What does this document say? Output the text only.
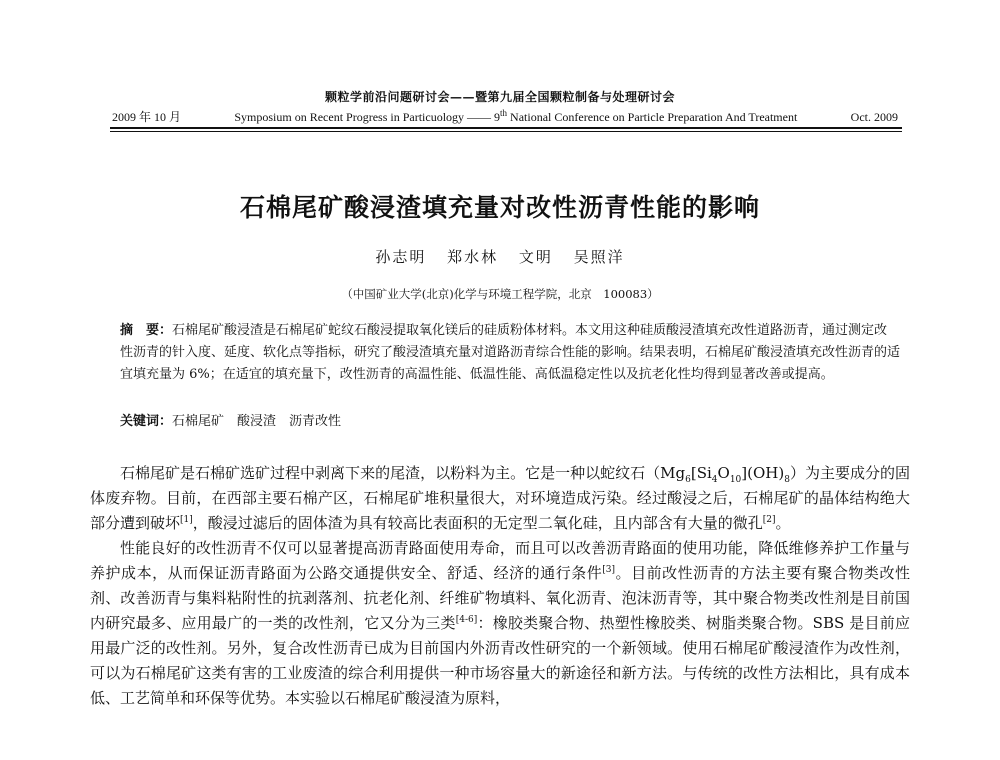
颗粒学前沿问题研讨会——暨第九届全国颗粒制备与处理研讨会
2009 年 10 月	Symposium on Recent Progress in Particuology —— 9th National Conference on Particle Preparation And Treatment	Oct. 2009
石棉尾矿酸浸渣填充量对改性沥青性能的影响
孙志明 郑水林 文明 吴照洋
（中国矿业大学(北京)化学与环境工程学院，北京　100083）
摘　要：石棉尾矿酸浸渣是石棉尾矿蛇纹石酸浸提取氧化镁后的硅质粉体材料。本文用这种硅质酸浸渣填充改性道路沥青，通过测定改性沥青的针入度、延度、软化点等指标，研究了酸浸渣填充量对道路沥青综合性能的影响。结果表明，石棉尾矿酸浸渣填充改性沥青的适宜填充量为 6%；在适宜的填充量下，改性沥青的高温性能、低温性能、高低温稳定性以及抗老化性均得到显著改善或提高。
关键词：石棉尾矿　酸浸渣　沥青改性

石棉尾矿是石棉矿选矿过程中剥离下来的尾渣，以粉料为主。它是一种以蛇纹石$(Mg_6[Si_4O_{10}](OH)_8)$为主要成分的固体废弃物。目前，在西部主要石棉产区，石棉尾矿堆积量很大，对环境造成污染。经过酸浸之后，石棉尾矿的晶体结构绝大部分遭到破坏[1]，酸浸过滤后的固体渣为具有较高比表面积的无定型二氧化硅，且内部含有大量的微孔[2]。

性能良好的改性沥青不仅可以显著提高沥青路面使用寿命，而且可以改善沥青路面的使用功能，降低维修养护工作量与养护成本，从而保证沥青路面为公路交通提供安全、舒适、经济的通行条件[3]。目前改性沥青的方法主要有聚合物类改性剂、改善沥青与集料粘附性的抗剥落剂、抗老化剂、纤维矿物填料、氧化沥青、泡沫沥青等，其中聚合物类改性剂是目前国内研究最多、应用最广的一类的改性剂，它又分为三类[4-6]：橡胶类聚合物、热塑性橡胶类、树脂类聚合物。SBS 是目前应用最广泛的改性剂。另外，复合改性沥青已成为目前国内外沥青改性研究的一个新领域。使用石棉尾矿酸浸渣作为改性剂，可以为石棉尾矿这类有害的工业废渣的综合利用提供一种市场容量大的新途径和新方法。与传统的改性方法相比，具有成本低、工艺简单和环保等优势。本实验以石棉尾矿酸浸渣为原料，
